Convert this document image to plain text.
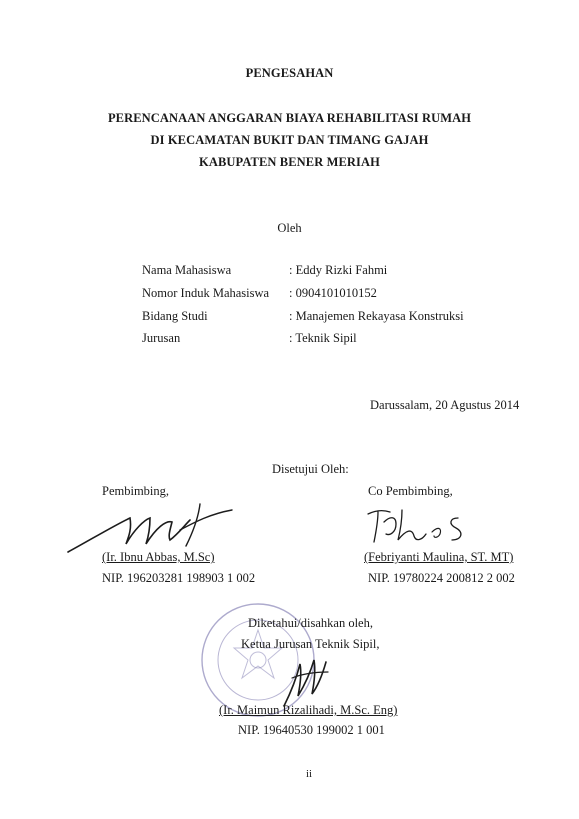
PENGESAHAN
PERENCANAAN ANGGARAN BIAYA REHABILITASI RUMAH
DI KECAMATAN BUKIT DAN TIMANG GAJAH
KABUPATEN BENER MERIAH
Oleh
Nama Mahasiswa	: Eddy Rizki Fahmi
Nomor Induk Mahasiswa : 0904101010152
Bidang Studi	: Manajemen Rekayasa Konstruksi
Jurusan	: Teknik Sipil
Darussalam, 20 Agustus 2014
Disetujui Oleh:
Pembimbing,
(Ir. Ibnu Abbas, M.Sc)
NIP. 196203281 198903 1 002
Co Pembimbing,
(Febriyanti Maulina, ST. MT)
NIP. 19780224 200812 2 002
Diketahui/disahkan oleh,
Ketua Jurusan Teknik Sipil,
(Ir. Maimun Rizalihadi, M.Sc. Eng)
NIP. 19640530 199002 1 001
ii
